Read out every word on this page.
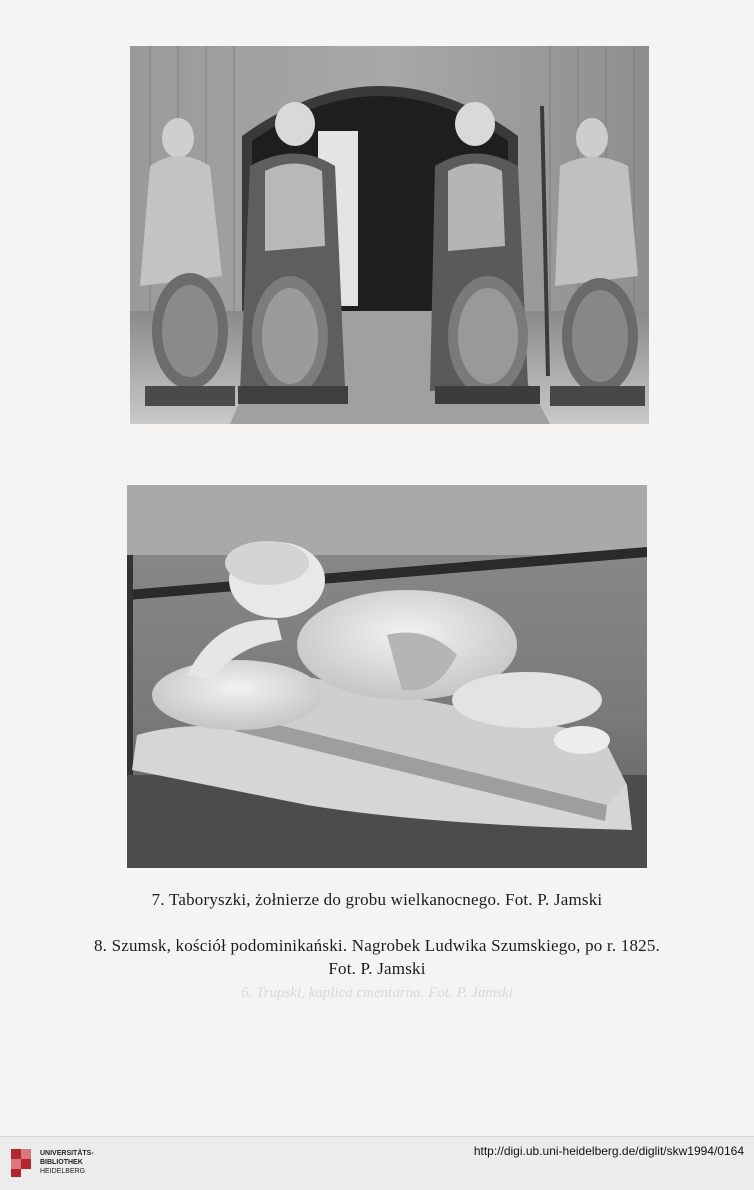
7. Taboryszki, żołnierze do grobu wielkanocnego. Fot. P. Jamski
8. Szumsk, kościół podominikański. Nagrobek Ludwika Szumskiego, po r. 1825.
Fot. P. Jamski
6. Trupski, kaplica cmentarna. Fot. P. Jamski
UNIVERSITÄTS-
BIBLIOTHEK
HEIDELBERG
http://digi.ub.uni-heidelberg.de/diglit/skw1994/0164
